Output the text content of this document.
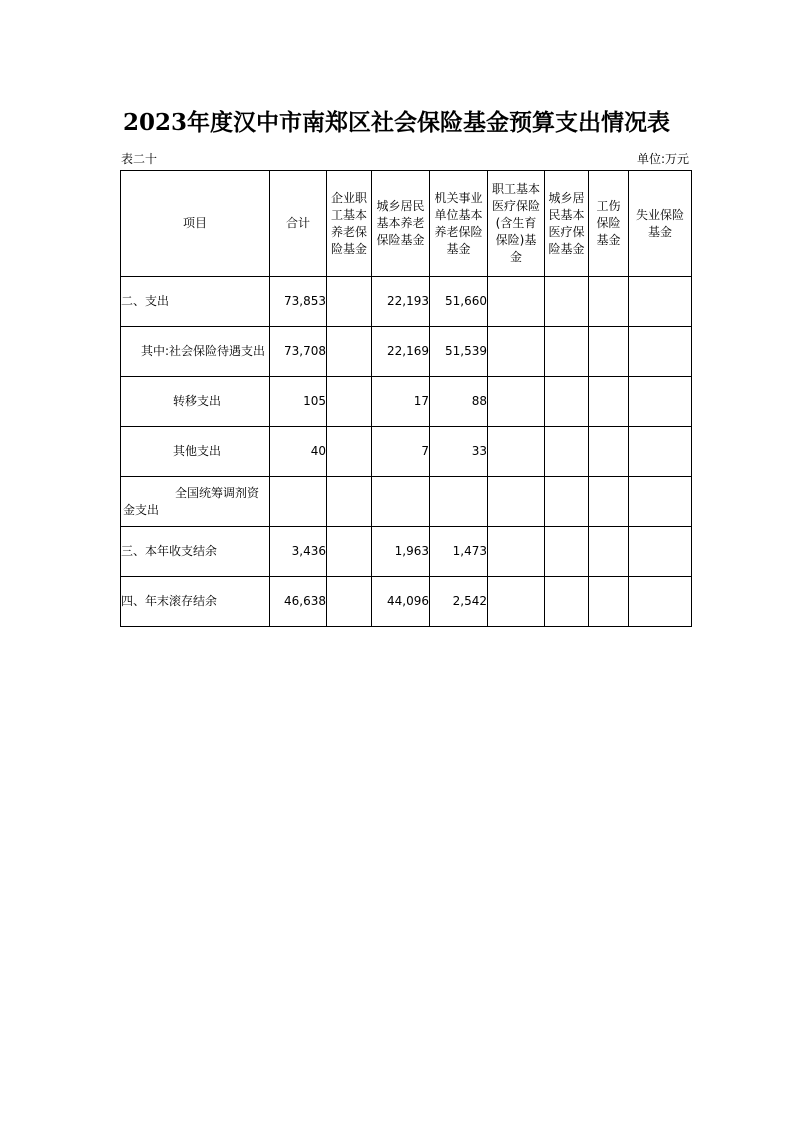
2023年度汉中市南郑区社会保险基金预算支出情况表
表二十	单位:万元
项目	合计	企业职工基本养老保险基金	城乡居民基本养老保险基金	机关事业单位基本养老保险基金	职工基本医疗保险(含生育保险)基金	城乡居民基本医疗保险基金	工伤保险基金	失业保险基金
二、支出	73,853		22,193	51,660				
其中:社会保险待遇支出	73,708		22,169	51,539				
转移支出	105		17	88				
其他支出	40		7	33				
全国统筹调剂资金支出								
三、本年收支结余	3,436		1,963	1,473				
四、年末滚存结余	46,638		44,096	2,542				
